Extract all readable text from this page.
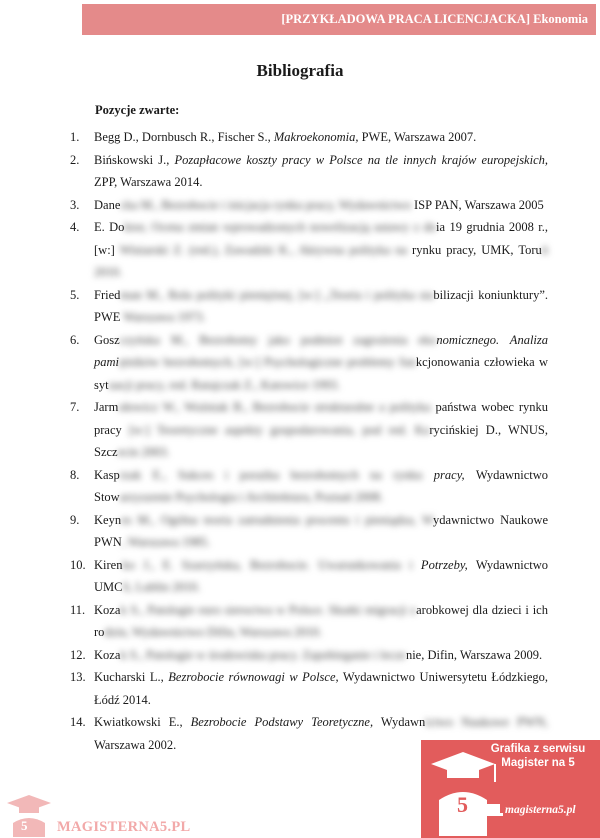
[PRZYKŁADOWA PRACA LICENCJACKA] Ekonomia
Bibliografia
Pozycje zwarte:
1.	Begg D., Dornbusch R., Fischer S., Makroekonomia, PWE, Warszawa 2007.
2.	Bińskowski J., Pozapłacowe koszty pracy w Polsce na tle innych krajów europejskich, ZPP, Warszawa 2014.
3.	Danecka M., Bezrobocie i inicjacja rynku pracy, Wydawnictwo ISP PAN, Warszawa 2005
4.	E. Doktor, Ocena zmian wprowadzonych nowelizacją ustawy z dnia 19 grudnia 2008 r., [w:] Winiarski Z. (red.), Zawadzki K., Aktywna polityka na rynku pracy, UMK, Toruń 2010.
5.	Friedman M., Rola polityki pieniężnej, [w:] „Teoria i polityka stabilizacji koniunktury”. PWE Warszawa 1973.
6.	Goszczyńska M., Bezrobotny jako podmiot zagrożenia ekonomicznego. Analiza pamiętników bezrobotnych, [w:] Psychologiczne problemy funkcjonowania człowieka w sytuacji pracy, red. Ratajczak Z., Katowice 1993.
7.	Jarmołowicz W., Woźniak B., Bezrobocie strukturalne a polityka państwa wobec rynku pracy [w:] Teoretyczne aspekty gospodarowania, pod red. Karycińskiej D., WNUS, Szczecin 2003.
8.	Kasprzak E., Sukces i porażka bezrobotnych na rynku pracy, Wydawnictwo Stowarzyszenie Psychologia i Architektura, Poznań 2008.
9.	Keynes M., Ogólna teoria zatrudnienia procentu i pieniądza, Wydawnictwo Naukowe PWN, Warszawa 1985.
10. Kirenko J., E. Szarzyńska, Bezrobocie. Uwarunkowania i Potrzeby, Wydawnictwo UMCS, Lublin 2010.
11. Kozak S., Patologie euro sieroctwa w Polsce. Skutki migracji zarobkowej dla dzieci i ich rodzin, Wydawnictwo Difin, Warszawa 2010.
12. Kozak S., Patologie w środowisku pracy. Zapobieganie i leczenie, Difin, Warszawa 2009.
13. Kucharski L., Bezrobocie równowagi w Polsce, Wydawnictwo Uniwersytetu Łódzkiego, Łódź 2014.
14. Kwiatkowski E., Bezrobocie Podstawy Teoretyczne, Wydawnictwo Naukowe PWN, Warszawa 2002.
5
Grafika z serwisu
Magister na 5
magisterna5.pl
5 MAGISTERNA5.PL
